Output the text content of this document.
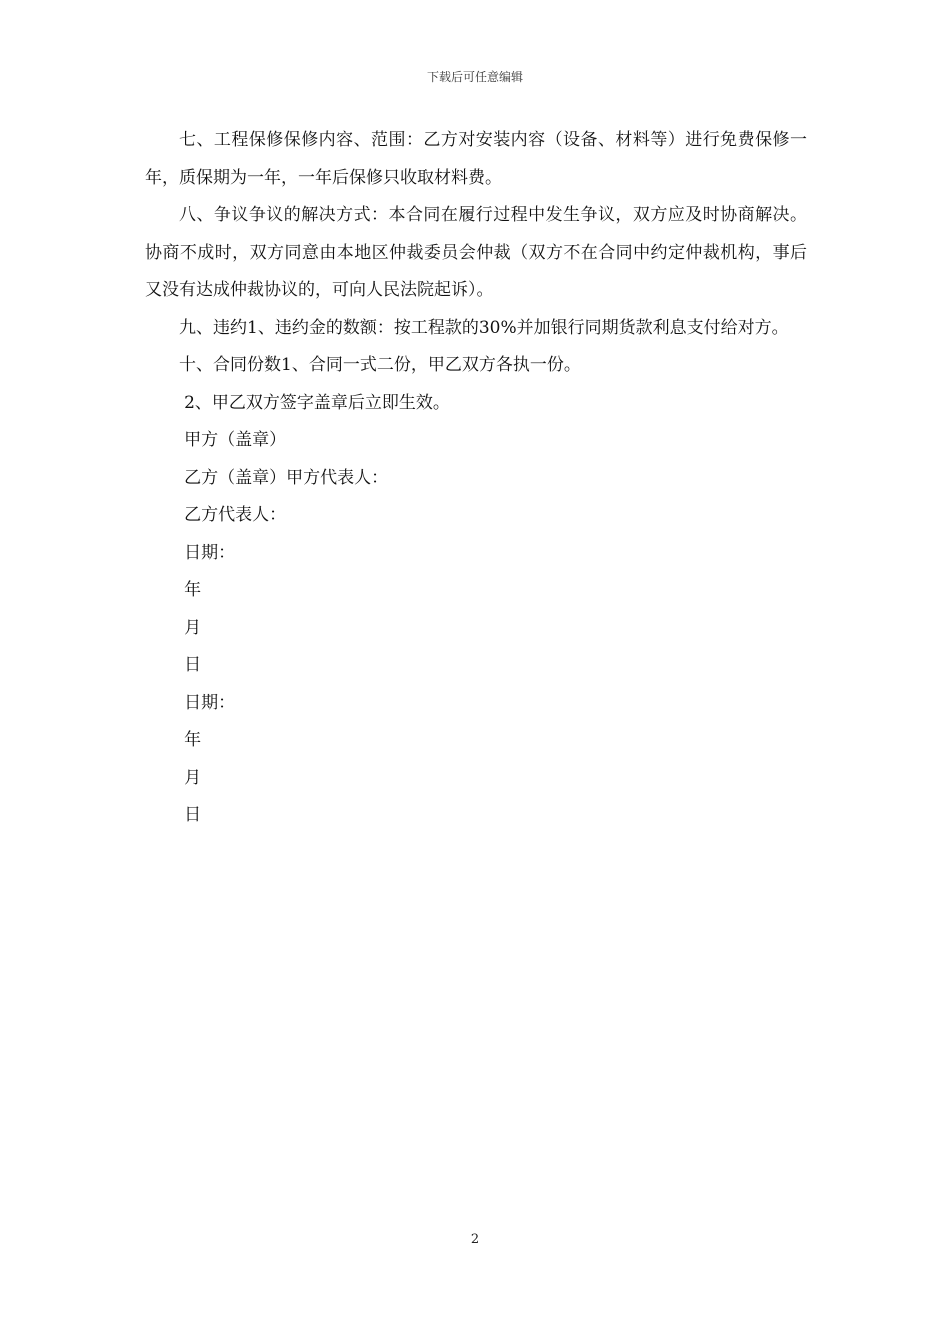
下载后可任意编辑

七、工程保修保修内容、范围：乙方对安装内容（设备、材料等）进行免费保修一年，质保期为一年，一年后保修只收取材料费。

八、争议争议的解决方式：本合同在履行过程中发生争议，双方应及时协商解决。协商不成时，双方同意由本地区仲裁委员会仲裁（双方不在合同中约定仲裁机构，事后又没有达成仲裁协议的，可向人民法院起诉）。

九、违约1、违约金的数额：按工程款的30%并加银行同期货款利息支付给对方。

十、合同份数1、合同一式二份，甲乙双方各执一份。

2、甲乙双方签字盖章后立即生效。

甲方（盖章）

乙方（盖章）甲方代表人：

乙方代表人：

日期：

年

月

日

日期：

年

月

日

2
